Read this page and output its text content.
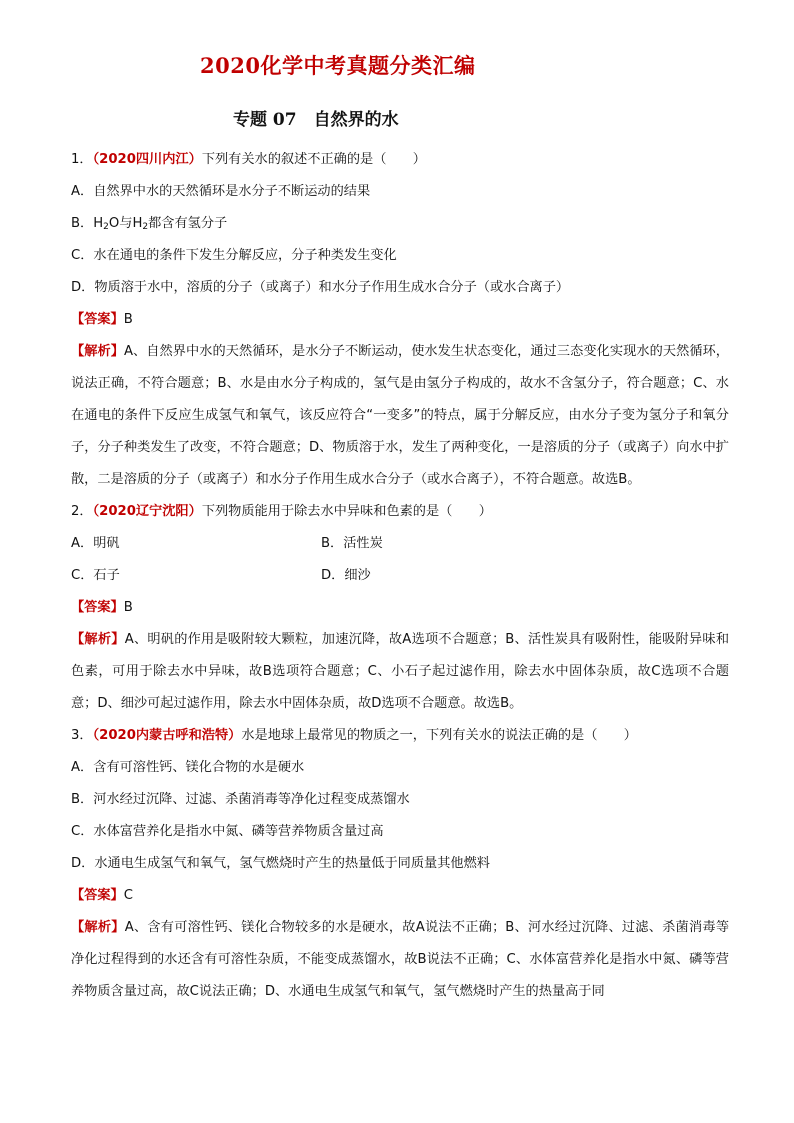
2020化学中考真题分类汇编
专题 07　自然界的水
1．（2020四川内江）下列有关水的叙述不正确的是（　　）
A．自然界中水的天然循环是水分子不断运动的结果
B．$H_2O$与$H_2$都含有氢分子
C．水在通电的条件下发生分解反应，分子种类发生变化
D．物质溶于水中，溶质的分子（或离子）和水分子作用生成水合分子（或水合离子）
【答案】B
【解析】A、自然界中水的天然循环，是水分子不断运动，使水发生状态变化，通过三态变化实现水的天然循环，说法正确，不符合题意；B、水是由水分子构成的，氢气是由氢分子构成的，故水不含氢分子，符合题意；C、水在通电的条件下反应生成氢气和氧气，该反应符合“一变多”的特点，属于分解反应，由水分子变为氢分子和氧分子，分子种类发生了改变，不符合题意；D、物质溶于水，发生了两种变化，一是溶质的分子（或离子）向水中扩散，二是溶质的分子（或离子）和水分子作用生成水合分子（或水合离子），不符合题意。故选B。
2．（2020辽宁沈阳）下列物质能用于除去水中异味和色素的是（　　）
A．明矾	B．活性炭
C．石子	D．细沙
【答案】B
【解析】A、明矾的作用是吸附较大颗粒，加速沉降，故A选项不合题意；B、活性炭具有吸附性，能吸附异味和色素，可用于除去水中异味，故B选项符合题意；C、小石子起过滤作用，除去水中固体杂质，故C选项不合题意；D、细沙可起过滤作用，除去水中固体杂质，故D选项不合题意。故选B。
3．（2020内蒙古呼和浩特）水是地球上最常见的物质之一，下列有关水的说法正确的是（　　）
A．含有可溶性钙、镁化合物的水是硬水
B．河水经过沉降、过滤、杀菌消毒等净化过程变成蒸馏水
C．水体富营养化是指水中氮、磷等营养物质含量过高
D．水通电生成氢气和氧气，氢气燃烧时产生的热量低于同质量其他燃料
【答案】C
【解析】A、含有可溶性钙、镁化合物较多的水是硬水，故A说法不正确；B、河水经过沉降、过滤、杀菌消毒等净化过程得到的水还含有可溶性杂质，不能变成蒸馏水，故B说法不正确；C、水体富营养化是指水中氮、磷等营养物质含量过高，故C说法正确；D、水通电生成氢气和氧气，氢气燃烧时产生的热量高于同
